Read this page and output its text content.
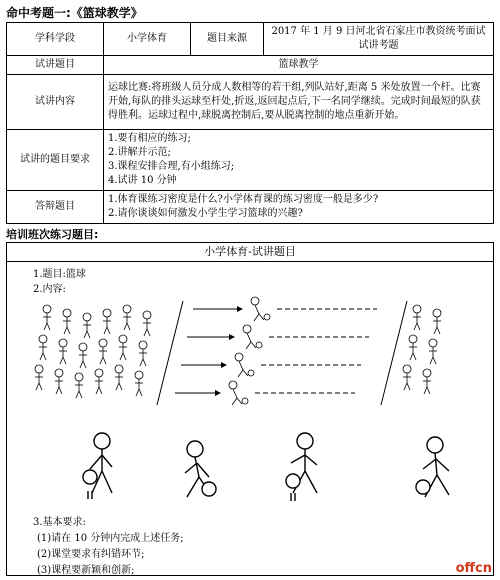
命中考题一:《篮球教学》
学科学段	小学体育	题目来源	2017 年 1 月 9 日河北省石家庄市教资统考面试试讲考题
试讲题目	篮球教学		
试讲内容	运球比赛:将班级人员分成人数相等的若干组,列队站好,距离 5 米处放置一个杆。比赛开始,每队的排头运球至杆处,折返,返回起点后,下一名同学继续。完成时间最短的队获得胜利。运球过程中,球脱离控制后,要从脱离控制的地点重新开始。		
试讲的题目要求	1.要有相应的练习;
2.讲解并示范;
3.课程安排合理,有小组练习;
4.试讲 10 分钟		

答辩题目	1.体育课练习密度是什么?小学体育课的练习密度一般是多少?
2.请你谈谈如何激发小学生学习篮球的兴趣?		
培训班次练习题目:
小学体育-试讲题目
1.题目:篮球
2.内容:
3.基本要求:
(1)请在 10 分钟内完成上述任务;
(2)课堂要求有纠错环节;
(3)课程要新颖和创新;	offcn
